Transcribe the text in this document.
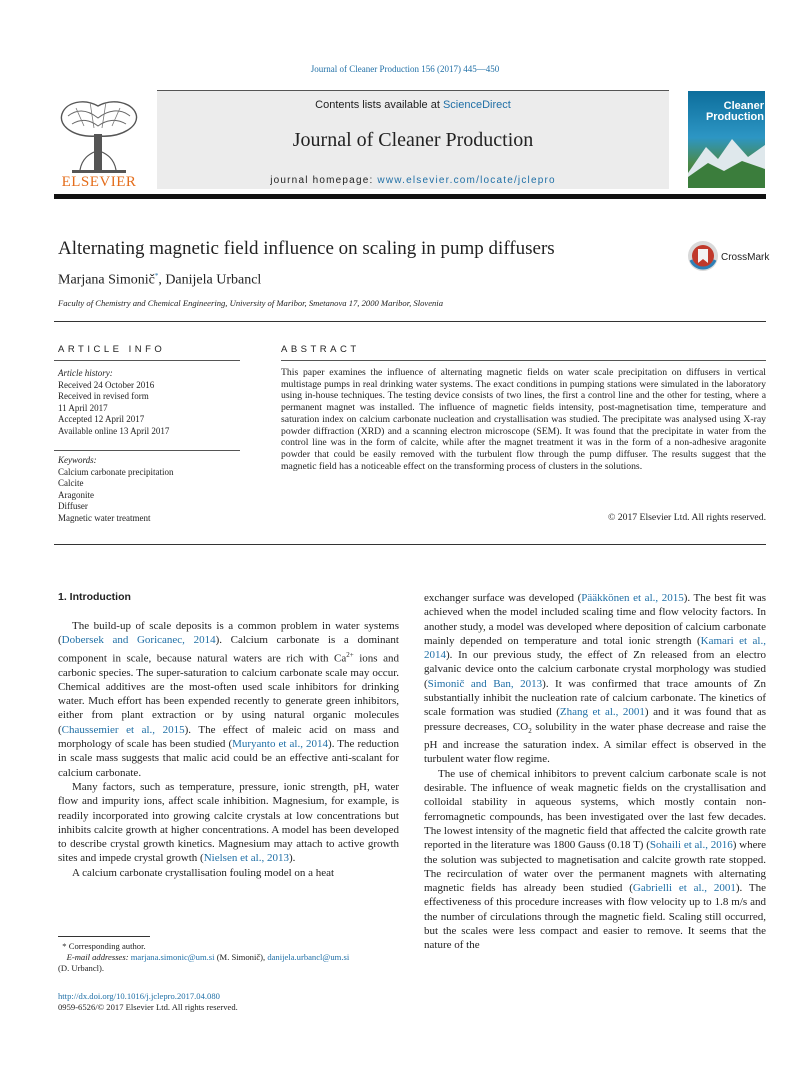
Journal of Cleaner Production 156 (2017) 445—450
ELSEVIER
Contents lists available at ScienceDirect
Journal of Cleaner Production
journal homepage: www.elsevier.com/locate/jclepro
Cleaner
Production
Alternating magnetic field influence on scaling in pump diffusers	CrossMark
Marjana Simonič*, Danijela Urbancl
Faculty of Chemistry and Chemical Engineering, University of Maribor, Smetanova 17, 2000 Maribor, Slovenia
ARTICLE INFO
Article history:
Received 24 October 2016
Received in revised form
11 April 2017
Accepted 12 April 2017
Available online 13 April 2017
Keywords:
Calcium carbonate precipitation
Calcite
Aragonite
Diffuser
Magnetic water treatment
ABSTRACT
This paper examines the influence of alternating magnetic fields on water scale precipitation on diffusers in vertical multistage pumps in real drinking water systems. The exact conditions in pumping stations were simulated in the laboratory using in-house techniques. The testing device consists of two lines, the first a control line and the other for testing, where a permanent magnet was installed. The influence of magnetic fields intensity, post-magnetisation time, temperature and saturation index on calcium carbonate nucleation and crystallisation was studied. The precipitate was analysed using X-ray powder diffraction (XRD) and a scanning electron microscope (SEM). It was found that the precipitate in water from the control line was in the form of calcite, while after the magnet treatment it was in the form of a non-adhesive aragonite powder that could be easily removed with the turbulent flow through the pump diffuser. The results suggest that the magnetic field has a noticeable effect on the transforming process of clusters in the solutions.
© 2017 Elsevier Ltd. All rights reserved.
1. Introduction

The build-up of scale deposits is a common problem in water systems (Dobersek and Goricanec, 2014). Calcium carbonate is a dominant component in scale, because natural waters are rich with $Ca^{2+}$ ions and carbonic species. The super-saturation to calcium carbonate scale may occur. Chemical additives are the most-often used scale inhibitors for drinking water. Much effort has been expended recently to generate green inhibitors, either from plant extraction or by using natural organic molecules (Chaussemier et al., 2015). The effect of maleic acid on mass and morphology of scale has been studied (Muryanto et al., 2014). The reduction in scale mass suggests that malic acid could be an effective anti-scalant for calcium carbonate.

Many factors, such as temperature, pressure, ionic strength, pH, water flow and impurity ions, affect scale inhibition. Magnesium, for example, is readily incorporated into growing calcite crystals at low concentrations but inhibits calcite growth at higher concentrations. A model has been developed to describe crystal growth kinetics. Magnesium may attach to active growth sites and impede crystal growth (Nielsen et al., 2013).

A calcium carbonate crystallisation fouling model on a heat

exchanger surface was developed (Pääkkönen et al., 2015). The best fit was achieved when the model included scaling time and flow velocity factors. In another study, a model was developed where deposition of calcium carbonate mainly depended on temperature and total ionic strength (Kamari et al., 2014). In our previous study, the effect of Zn released from an electro galvanic device onto the calcium carbonate crystal morphology was studied (Simonič and Ban, 2013). It was confirmed that trace amounts of Zn substantially inhibit the nucleation rate of calcium carbonate. The kinetics of scale formation was studied (Zhang et al., 2001) and it was found that as pressure decreases, $CO_2$ solubility in the water phase decrease and raise the pH and increase the saturation index. A similar effect is observed in the turbulent water flow regime.

The use of chemical inhibitors to prevent calcium carbonate scale is not desirable. The influence of weak magnetic fields on the crystallisation and colloidal stability in aqueous systems, which mostly contain non-ferromagnetic compounds, has been investigated over the last few decades. The lowest intensity of the magnetic field that affected the calcite growth rate reported in the literature was 1800 Gauss (0.18 T) (Sohaili et al., 2016) where the solution was subjected to magnetisation and calcite growth rate stopped. The recirculation of water over the permanent magnets with alternating magnetic fields has already been studied (Gabrielli et al., 2001). The effectiveness of this procedure increases with flow velocity up to 1.8 m/s and the number of circulations through the magnetic field. Scaling still occurred, but the scales were less compact and easier to remove. It seems that the nature of the

* Corresponding author.
E-mail addresses: marjana.simonic@um.si (M. Simonič), danijela.urbancl@um.si
(D. Urbancl).
http://dx.doi.org/10.1016/j.jclepro.2017.04.080
0959-6526/© 2017 Elsevier Ltd. All rights reserved.
